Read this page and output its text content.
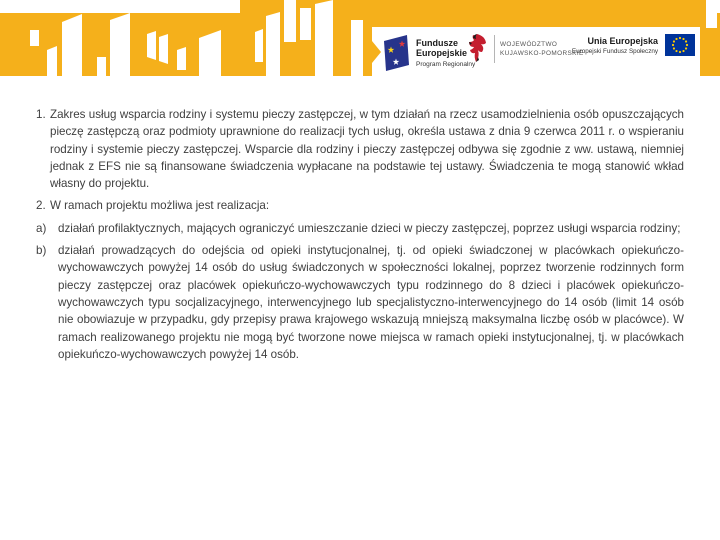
Fundusze
Europejskie
Program Regionalny
WOJEWÓDZTWO
KUJAWSKO-POMORSKIE
Unia Europejska
Europejski Fundusz Społeczny
1. Zakres usług wsparcia rodziny i systemu pieczy zastępczej, w tym działań na rzecz usamodzielnienia osób opuszczających pieczę zastępczą oraz podmioty uprawnione do realizacji tych usług, określa ustawa z dnia 9 czerwca 2011 r. o wspieraniu rodziny i systemie pieczy zastępczej. Wsparcie dla rodziny i pieczy zastępczej odbywa się zgodnie z ww. ustawą, niemniej jednak z EFS nie są finansowane świadczenia wypłacane na podstawie tej ustawy. Świadczenia te mogą stanowić wkład własny do projektu.
2. W ramach projektu możliwa jest realizacja:
a)	działań profilaktycznych, mających ograniczyć umieszczanie dzieci w pieczy zastępczej, poprzez usługi wsparcia rodziny;
b)	działań prowadzących do odejścia od opieki instytucjonalnej, tj. od opieki świadczonej w placówkach opiekuńczo-wychowawczych powyżej 14 osób do usług świadczonych w społeczności lokalnej, poprzez tworzenie rodzinnych form pieczy zastępczej oraz placówek opiekuńczo-wychowawczych typu rodzinnego do 8 dzieci i placówek opiekuńczo-wychowawczych typu socjalizacyjnego, interwencyjnego lub specjalistyczno-interwencyjnego do 14 osób (limit 14 osób nie obowiazuje w przypadku, gdy przepisy prawa krajowego wskazują mniejszą maksymalna liczbę osób w placówce). W ramach realizowanego projektu nie mogą być tworzone nowe miejsca w ramach opieki instytucjonalnej, tj. w placówkach opiekuńczo-wychowawczych powyżej 14 osób.
